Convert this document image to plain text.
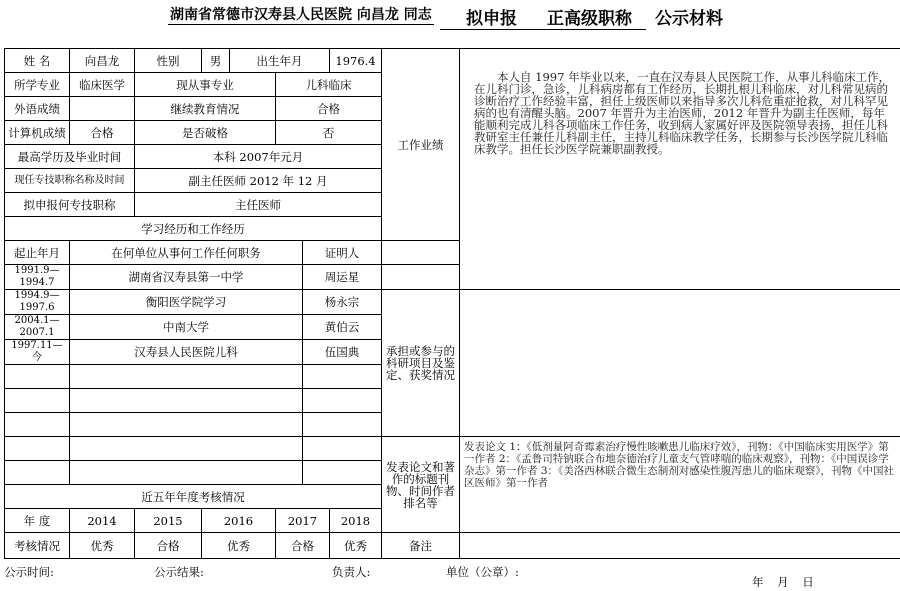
湖南省常德市汉寿县人民医院 向昌龙 同志	拟申报	正高级职称	公示材料
姓 名	向昌龙	性别	男	出生年月			1976.4	工作业绩	本人自 1997 年毕业以来，一直在汉寿县人民医院工作，从事儿科临床工作，在儿科门诊，急诊，儿科病房都有工作经历，长期扎根儿科临床，对儿科常见病的诊断治疗工作经验丰富，担任上级医师以来指导多次儿科危重症抢救，对儿科罕见病的也有清醒头脑。2007 年晋升为主治医师，2012 年晋升为副主任医师，每年能顺利完成儿科各项临床工作任务，收到病人家属好评及医院领导表扬，担任儿科教研室主任兼任儿科副主任，主持儿科临床教学任务，长期参与长沙医学院儿科临床教学。担任长沙医学院兼职副教授。
所学专业	临床医学	现从事专业			儿科临床				
外语成绩		继续教育情况			合格				
计算机成绩	合格	是否破格			否				
最高学历及毕业时间		本科 2007年元月							
现任专技职称名称及时间		副主任医师 2012 年 12 月							
拟申报何专技职称		主任医师							
学习经历和工作经历									
起止年月	在何单位从事何工作任何职务					证明人			
1991.9—1994.7	湖南省汉寿县第一中学					周运星			
1994.9—1997.6	衡阳医学院学习					杨永宗		承担或参与的科研项目及鉴定、获奖情况	
2004.1—2007.1	中南大学					黄伯云			
1997.11—今	汉寿县人民医院儿科					伍国典			

								发表论文和著作的标题刊物、时间作者排名等	发表论文 1：《低剂量阿奇霉素治疗慢性咳嗽患儿临床疗效》，刊物：《中国临床实用医学》第一作者 2：《孟鲁司特钠联合布地奈德治疗儿童支气管哮喘的临床观察》，刊物：《中国误诊学杂志》第一作者 3：《美洛西林联合微生态制剂对感染性腹泻患儿的临床观察》，刊物《中国社区医师》第一作者

近五年年度考核情况									
年 度	2014	2015	2016		2017		2018		
考核情况	优秀	合格	优秀		合格		优秀	备注	
公示时间:	公示结果:	负责人:	单位（公章）:
年 月 日
